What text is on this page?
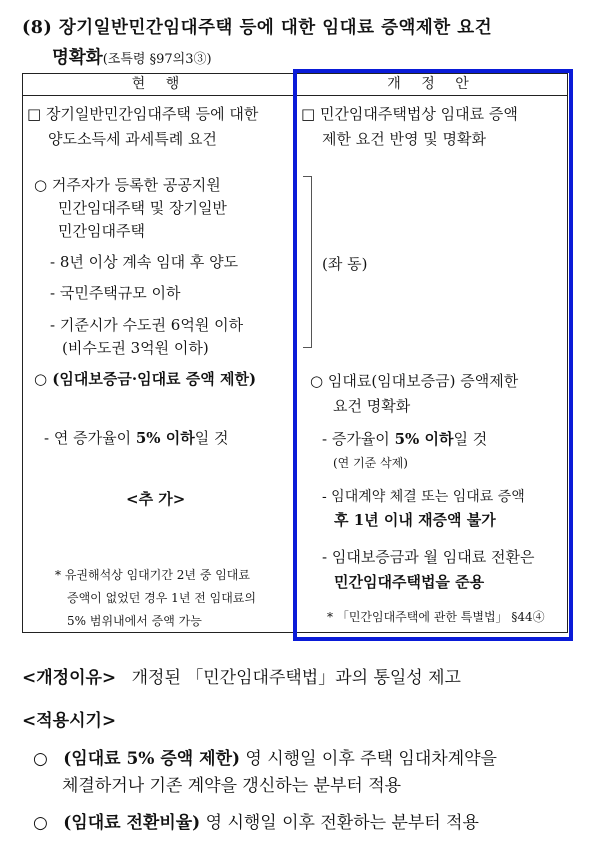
(8) 장기일반민간임대주택 등에 대한 임대료 증액제한 요건
명확화(조특령 §97의3③)
현 행	개 정 안
□ 장기일반민간임대주택 등에 대한
양도소득세 과세특례 요건
○ 거주자가 등록한 공공지원
민간임대주택 및 장기일반
민간임대주택
- 8년 이상 계속 임대 후 양도
- 국민주택규모 이하
- 기준시가 수도권 6억원 이하
(비수도권 3억원 이하)
○ (임대보증금·임대료 증액 제한)
- 연 증가율이 5% 이하일 것
<추 가>
* 유권해석상 임대기간 2년 중 임대료
증액이 없었던 경우 1년 전 임대료의
5% 범위내에서 증액 가능
□ 민간임대주택법상 임대료 증액
제한 요건 반영 및 명확화
(좌 동)
○ 임대료(임대보증금) 증액제한
요건 명확화
- 증가율이 5% 이하일 것
(연 기준 삭제)
- 임대계약 체결 또는 임대료 증액
후 1년 이내 재증액 불가
- 임대보증금과 월 임대료 전환은
민간임대주택법을 준용
* 「민간임대주택에 관한 특별법」 §44④
<개정이유> 개정된 「민간임대주택법」과의 통일성 제고
<적용시기>
○ (임대료 5% 증액 제한) 영 시행일 이후 주택 임대차계약을
체결하거나 기존 계약을 갱신하는 분부터 적용
○ (임대료 전환비율) 영 시행일 이후 전환하는 분부터 적용
